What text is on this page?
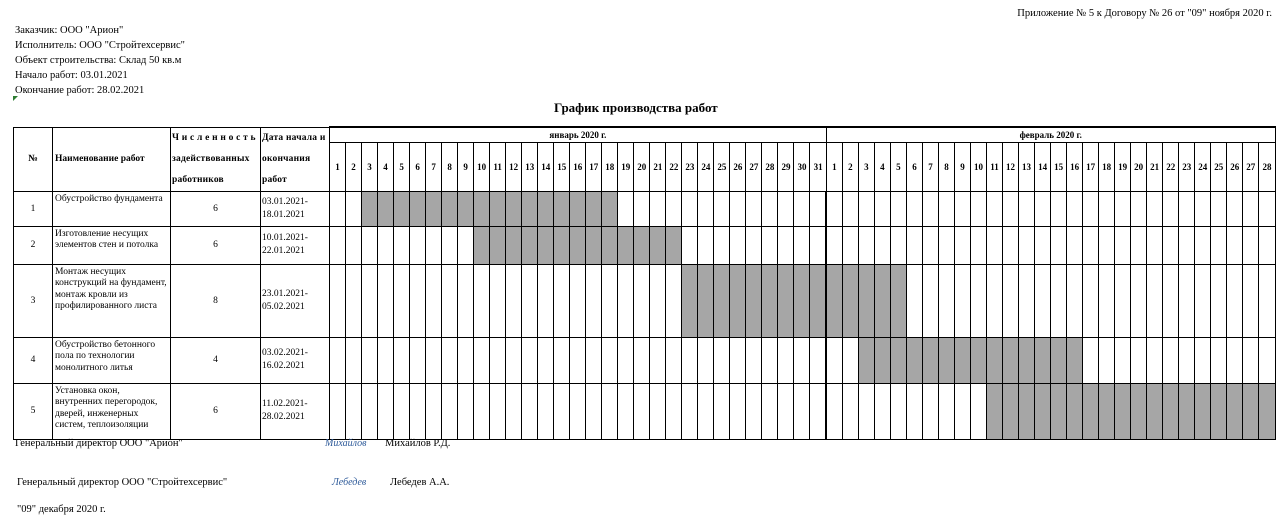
Приложение № 5 к Договору № 26 от "09" ноября 2020 г.
Заказчик: ООО "Арион"
Исполнитель: ООО "Стройтехсервис"
Объект строительства: Склад 50 кв.м
Начало работ: 03.01.2021
Окончание работ: 28.02.2021
График производства работ
№	Наименование работ	Ч и с л е н н о с т ь задействованных работников	Дата начала и окончания работ	январь 2020 г.																															февраль 2020 г.																											
				1	2	3	4	5	6	7	8	9	10	11	12	13	14	15	16	17	18	19	20	21	22	23	24	25	26	27	28	29	30	31	1	2	3	4	5	6	7	8	9	10	11	12	13	14	15	16	17	18	19	20	21	22	23	24	25	26	27	28
1	Обустройство фундамента	6	03.01.2021-18.01.2021																																																											
2	Изготовление несущих элементов стен и потолка	6	10.01.2021-22.01.2021																																																											
3	Монтаж несущих конструкций на фундамент, монтаж кровли из профилированного листа	8	23.01.2021-05.02.2021																																																											
4	Обустройство бетонного пола по технологии монолитного литья	4	03.02.2021-16.02.2021																																																											
5	Установка окон, внутренних перегородок, дверей, инженерных систем, теплоизоляции	6	11.02.2021-28.02.2021																																																											
Генеральный директор ООО "Арион"	Михайлов Михайлов Р.Д.
Генеральный директор ООО "Стройтехсервис"	Лебедев Лебедев А.А.
"09" декабря 2020 г.
